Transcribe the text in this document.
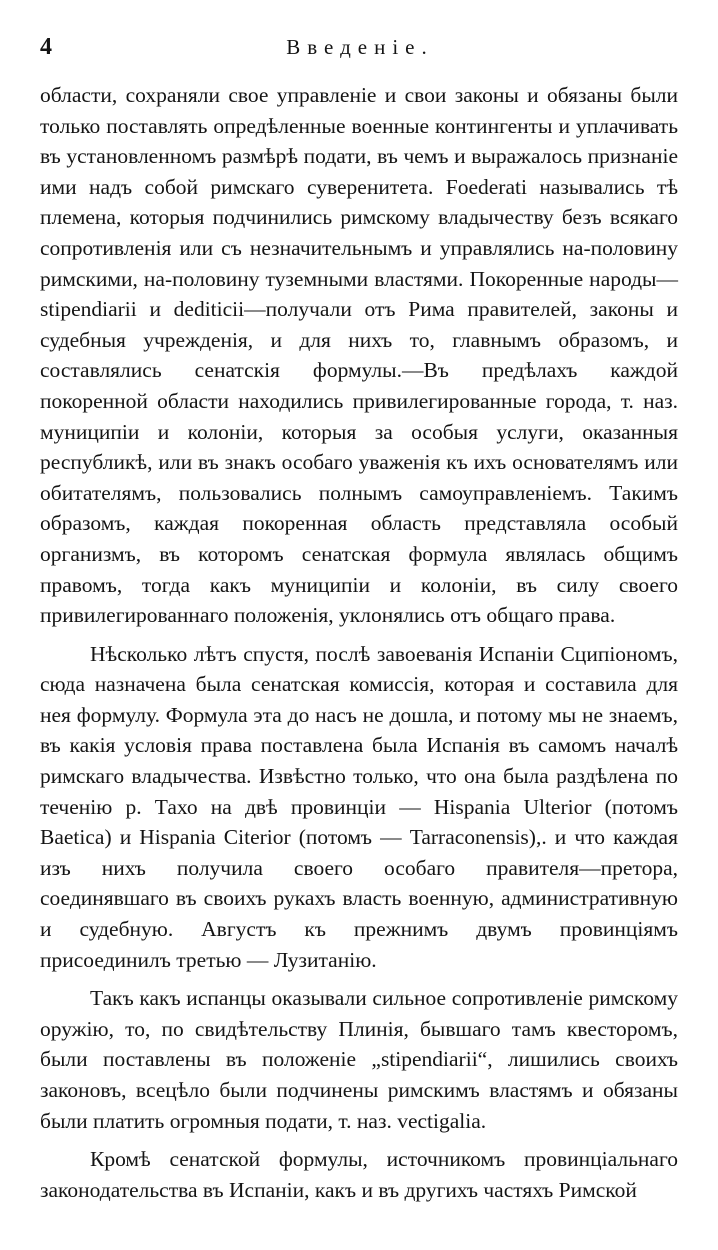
4	Введеніе.

области, сохраняли свое управленіе и свои законы и обязаны были только поставлять опредѣленные военные контингенты и уплачивать въ установленномъ размѣрѣ подати, въ чемъ и выражалось признаніе ими надъ собой римскаго суверенитета. Foederati назывались тѣ племена, которыя подчинились римскому владычеству безъ всякаго сопротивленія или съ незначительнымъ и управлялись на-половину римскими, на-половину туземными властями. Покоренные народы— stipendiarii и dediticii—получали отъ Рима правителей, законы и судебныя учрежденія, и для нихъ то, главнымъ образомъ, и составлялись сенатскія формулы.—Въ предѣлахъ каждой покоренной области находились привилегированные города, т. наз. муниципіи и колоніи, которыя за особыя услуги, оказанныя республикѣ, или въ знакъ особаго уваженія къ ихъ основателямъ или обитателямъ, пользовались полнымъ самоуправленіемъ. Такимъ образомъ, каждая покоренная область представляла особый организмъ, въ которомъ сенатская формула являлась общимъ правомъ, тогда какъ муниципіи и колоніи, въ силу своего привилегированнаго положенія, уклонялись отъ общаго права.

Нѣсколько лѣтъ спустя, послѣ завоеванія Испаніи Сципіономъ, сюда назначена была сенатская комиссія, которая и составила для нея формулу. Формула эта до насъ не дошла, и потому мы не знаемъ, въ какія условія права поставлена была Испанія въ самомъ началѣ римскаго владычества. Извѣстно только, что она была раздѣлена по теченію р. Тахо на двѣ провинціи — Hispania Ulterior (потомъ Baetica) и Hispania Citerior (потомъ — Tarraconensis),. и что каждая изъ нихъ получила своего особаго правителя—претора, соединявшаго въ своихъ рукахъ власть военную, административную и судебную. Августъ къ прежнимъ двумъ провинціямъ присоединилъ третью — Лузитанію.

Такъ какъ испанцы оказывали сильное сопротивленіе римскому оружію, то, по свидѣтельству Плинія, бывшаго тамъ квесторомъ, были поставлены въ положеніе „stipendiarii“, лишились своихъ законовъ, всецѣло были подчинены римскимъ властямъ и обязаны были платить огромныя подати, т. наз. vectigalia.

Кромѣ сенатской формулы, источникомъ провинціальнаго законодательства въ Испаніи, какъ и въ другихъ частяхъ Римской
